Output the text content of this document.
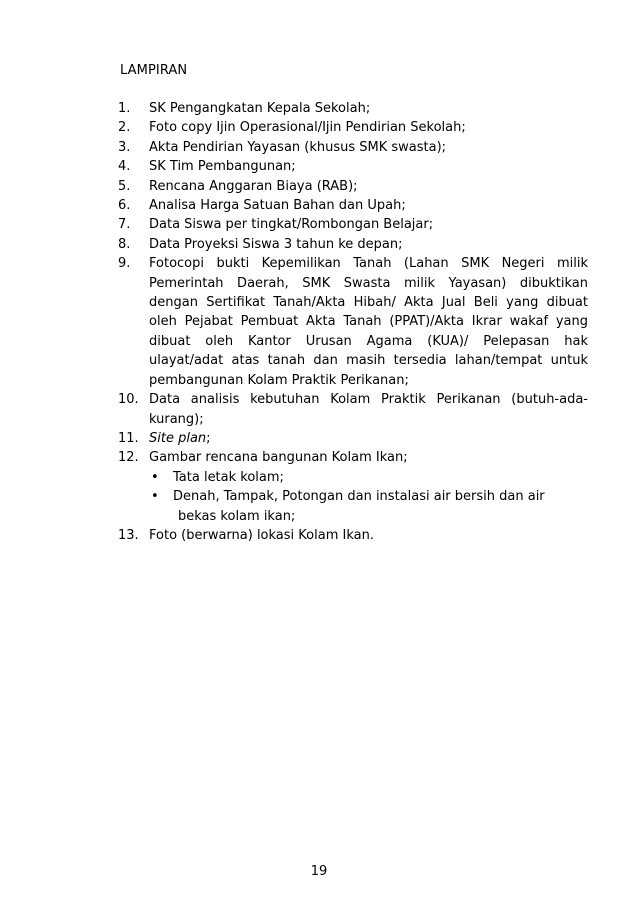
LAMPIRAN
1.	SK Pengangkatan Kepala Sekolah;
2.	Foto copy Ijin Operasional/Ijin Pendirian Sekolah;
3.	Akta Pendirian Yayasan (khusus SMK swasta);
4.	SK Tim Pembangunan;
5.	Rencana Anggaran Biaya (RAB);
6.	Analisa Harga Satuan Bahan dan Upah;
7.	Data Siswa per tingkat/Rombongan Belajar;
8.	Data Proyeksi Siswa 3 tahun ke depan;
9.	Fotocopi bukti Kepemilikan Tanah (Lahan SMK Negeri milik
Pemerintah Daerah, SMK Swasta milik Yayasan) dibuktikan
dengan Sertifikat Tanah/Akta Hibah/ Akta Jual Beli yang dibuat
oleh Pejabat Pembuat Akta Tanah (PPAT)/Akta Ikrar wakaf yang
dibuat oleh Kantor Urusan Agama (KUA)/ Pelepasan hak
ulayat/adat atas tanah dan masih tersedia lahan/tempat untuk
pembangunan Kolam Praktik Perikanan;
10. Data analisis kebutuhan Kolam Praktik Perikanan (butuh-ada-
kurang);
11. Site plan;
12. Gambar rencana bangunan Kolam Ikan;
•	Tata letak kolam;
•	Denah, Tampak, Potongan dan instalasi air bersih dan air
bekas kolam ikan;
13. Foto (berwarna) lokasi Kolam Ikan.
19
